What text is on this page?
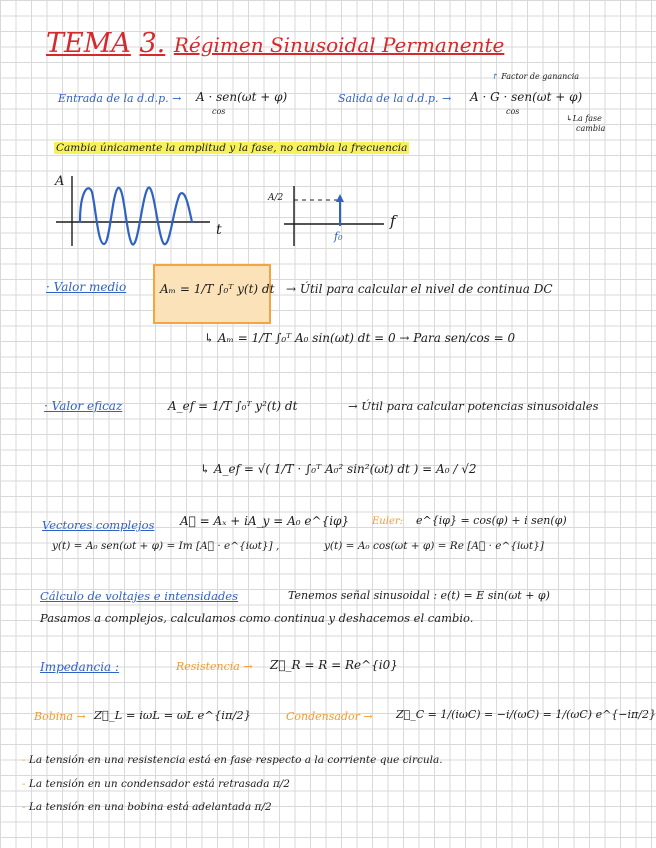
TEMA 3. Régimen Sinusoidal Permanente
Entrada de la d.d.p. → A · sen(ωt + φ)
cos
Salida de la d.d.p. → A · G · sen(ωt + φ)
cos
↱ Factor de ganancia
↳La fase
cambia
Cambia únicamente la amplitud y la fase, no cambia la frecuencia
A
t
A/2
f
f₀
· Valor medio	Aₘ = 1/T ∫₀ᵀ y(t) dt → Útil para calcular el nivel de continua DC
↳ Aₘ = 1/T ∫₀ᵀ A₀ sin(ωt) dt = 0 → Para sen/cos = 0
· Valor eficaz	A_ef = 1/T ∫₀ᵀ y²(t) dt	→ Útil para calcular potencias sinusoidales
↳ A_ef = √( 1/T · ∫₀ᵀ A₀² sin²(ωt) dt ) = A₀ / √2
Vectores complejos A⃗ = Aₓ + iA_y = A₀ e^{iφ} Euler: e^{iφ} = cos(φ) + i sen(φ)
y(t) = A₀ sen(ωt + φ) = Im [A⃗ · e^{iωt}] ,	y(t) = A₀ cos(ωt + φ) = Re [A⃗ · e^{iωt}]
Cálculo de voltajes e intensidades	Tenemos señal sinusoidal : e(t) = E sin(ωt + φ)
Pasamos a complejos, calculamos como continua y deshacemos el cambio.
Impedancia :	Resistencia → Z⃗_R = R = Re^{i0}
Bobina → Z⃗_L = iωL = ωL e^{iπ/2}	Condensador → Z⃗_C = 1/(iωC) = −i/(ωC) = 1/(ωC) e^{−iπ/2}
- La tensión en una resistencia está en fase respecto a la corriente que circula.
- La tensión en un condensador está retrasada π/2
- La tensión en una bobina está adelantada π/2
